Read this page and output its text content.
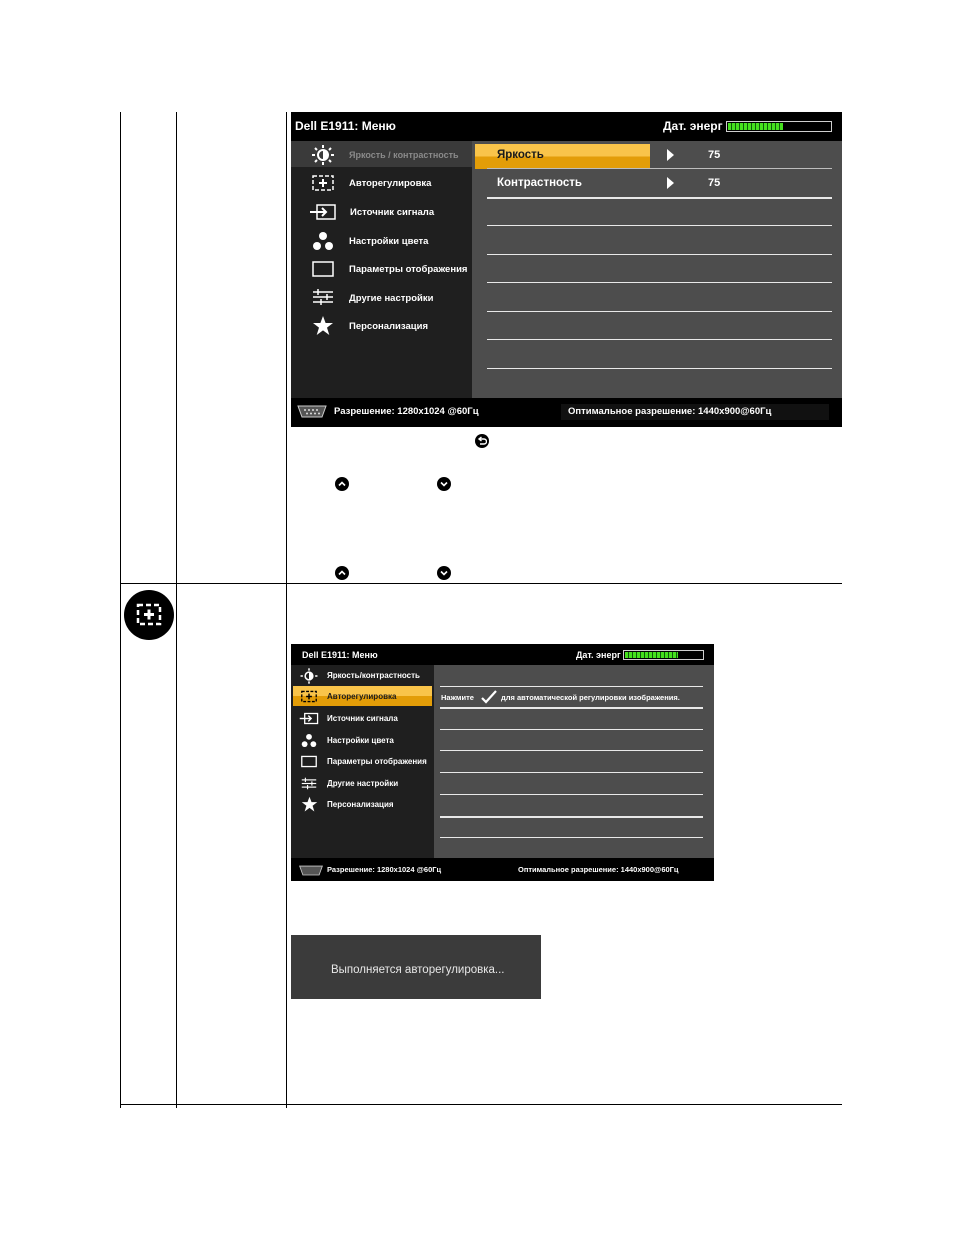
Dell E1911: Меню	Дат. энерг
Яркость / контрастность
Авторегулировка
Источник сигнала
Настройки цвета
Параметры отображения
Другие настройки
Персонализация
Яркость	75
Контрастность	75
Разрешение: 1280x1024 @60Гц	Оптимальное разрешение: 1440x900@60Гц
Dell E1911: Меню	Дат. энерг
Яркость/контрастность
Авторегулировка
Источник сигнала
Настройки цвета
Параметры отображения
Другие настройки
Персонализация
Нажмите	для автоматической регулировки изображения.
Разрешение: 1280x1024 @60Гц	Оптимальное разрешение: 1440x900@60Гц
Выполняется авторегулировка...
